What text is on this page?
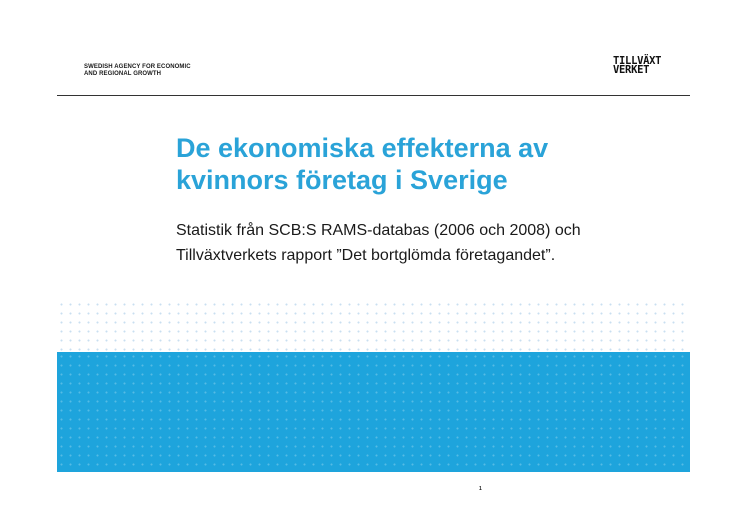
SWEDISH AGENCY FOR ECONOMIC
AND REGIONAL GROWTH
TILLVÄXT
VERKET
De ekonomiska effekterna av
kvinnors företag i Sverige

Statistik från SCB:S RAMS-databas (2006 och 2008) och Tillväxtverkets rapport ”Det bortglömda företagandet”.

1
